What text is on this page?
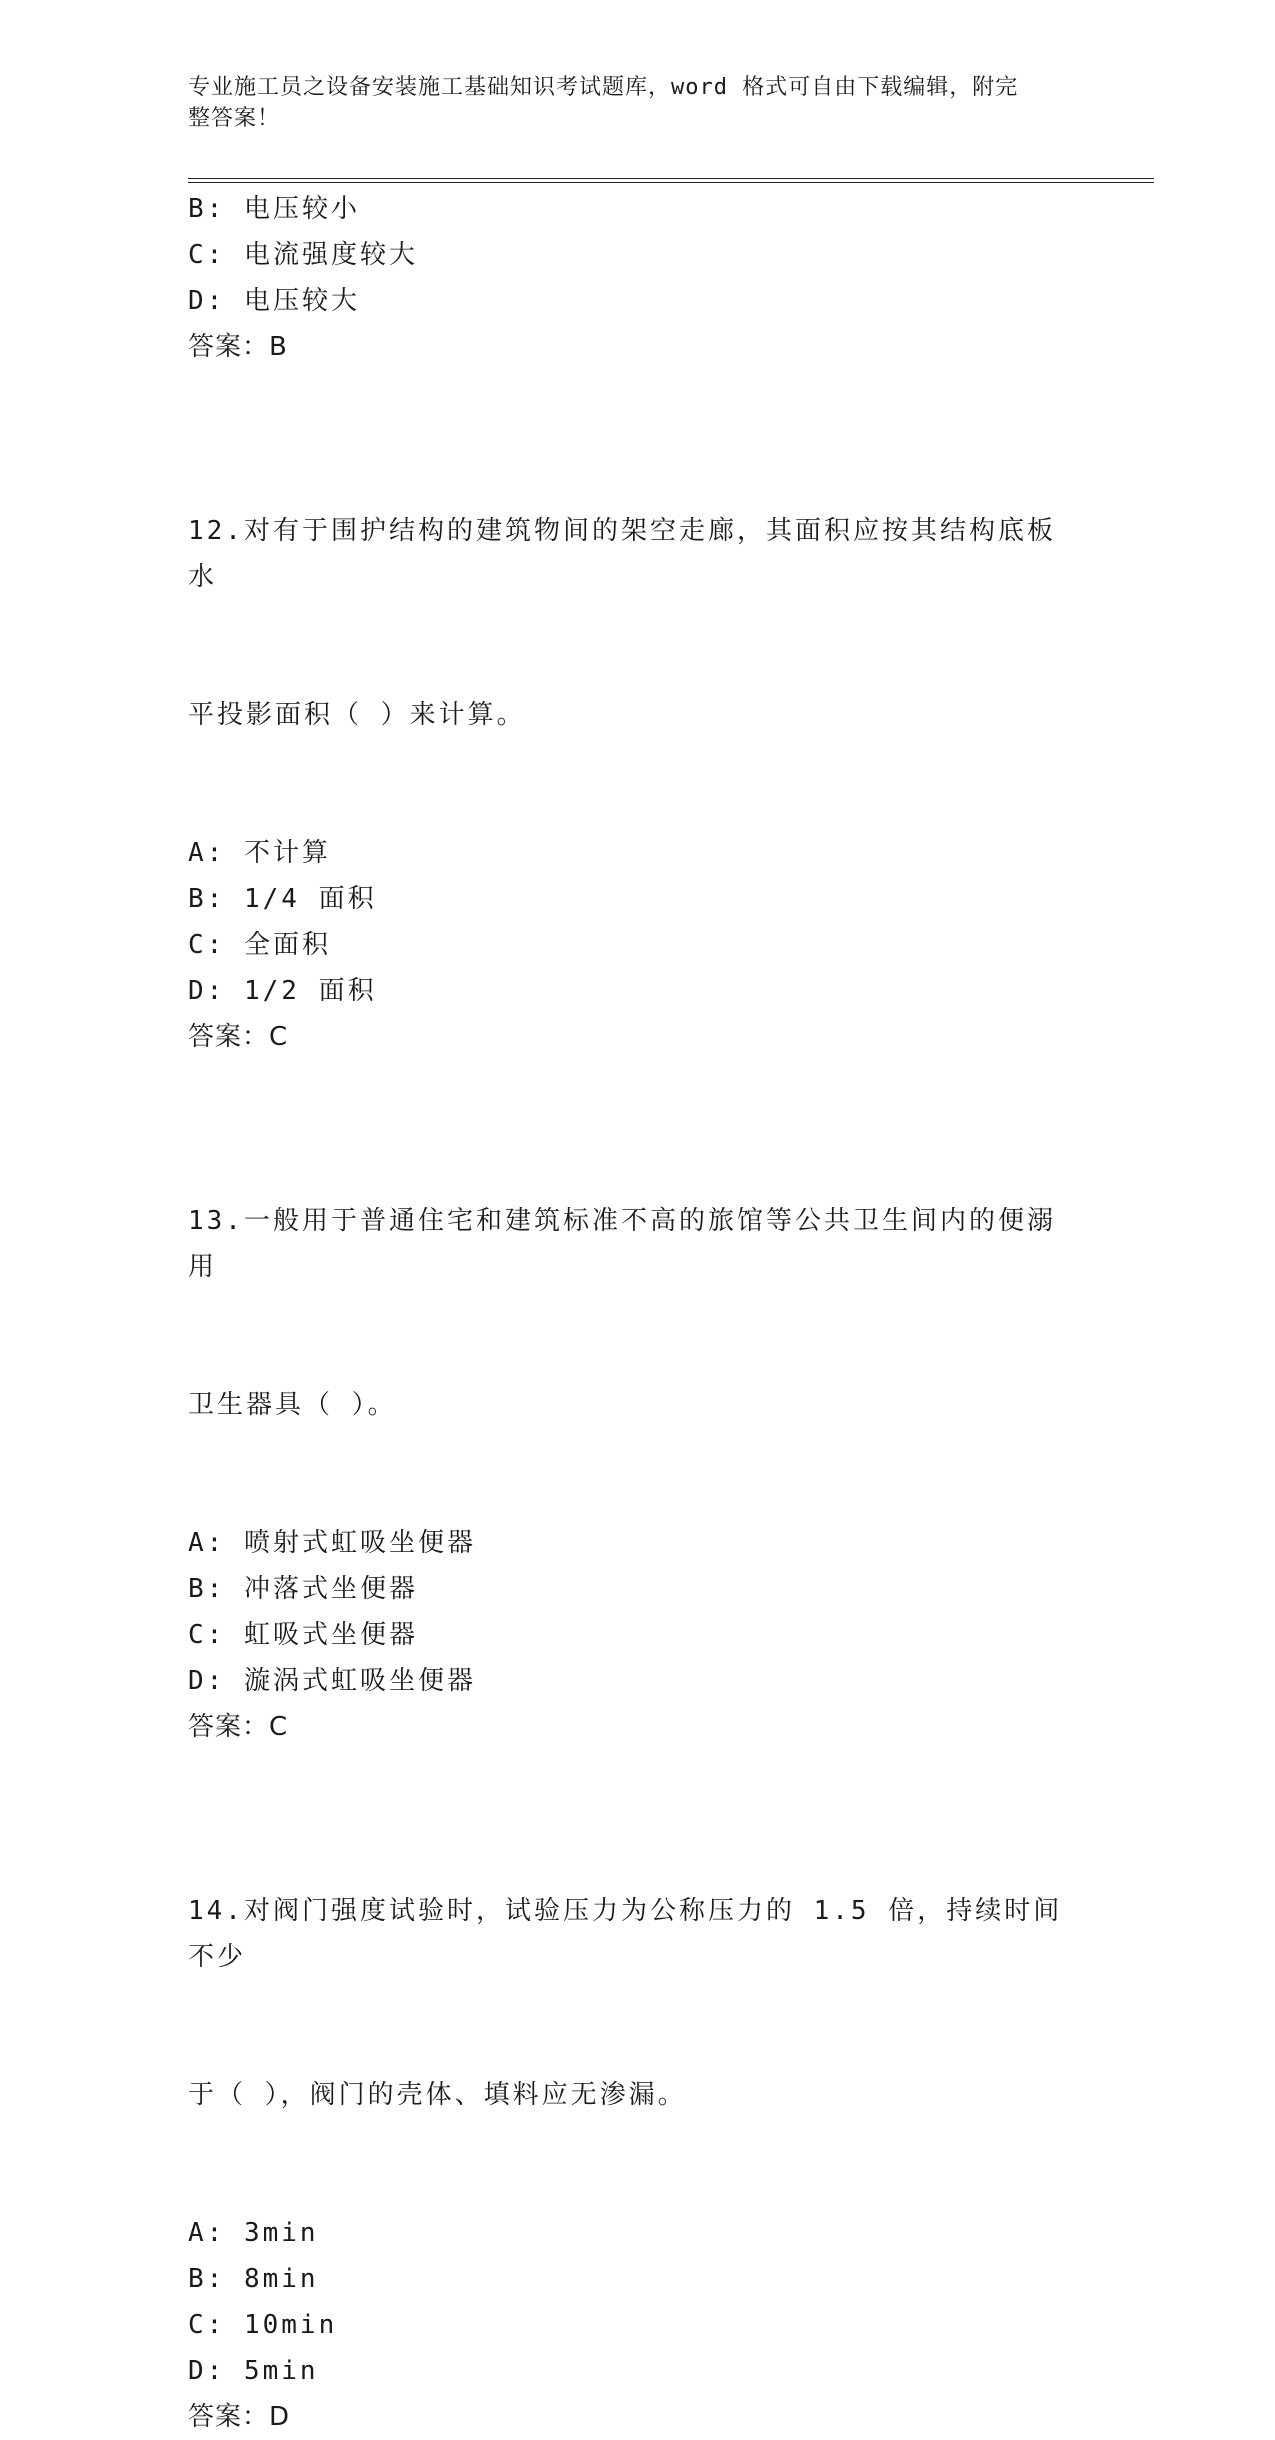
专业施工员之设备安装施工基础知识考试题库，word 格式可自由下载编辑，附完
整答案！
B: 电压较小
C: 电流强度较大
D: 电压较大
答案：B

12.对有于围护结构的建筑物间的架空走廊，其面积应按其结构底板水

平投影面积（ ）来计算。

A: 不计算
B: 1/4 面积
C: 全面积
D: 1/2 面积
答案：C

13.一般用于普通住宅和建筑标准不高的旅馆等公共卫生间内的便溺用

卫生器具（ ）。

A: 喷射式虹吸坐便器
B: 冲落式坐便器
C: 虹吸式坐便器
D: 漩涡式虹吸坐便器
答案：C

14.对阀门强度试验时，试验压力为公称压力的 1.5 倍，持续时间不少

于（ ），阀门的壳体、填料应无渗漏。

A: 3min
B: 8min
C: 10min
D: 5min
答案：D
